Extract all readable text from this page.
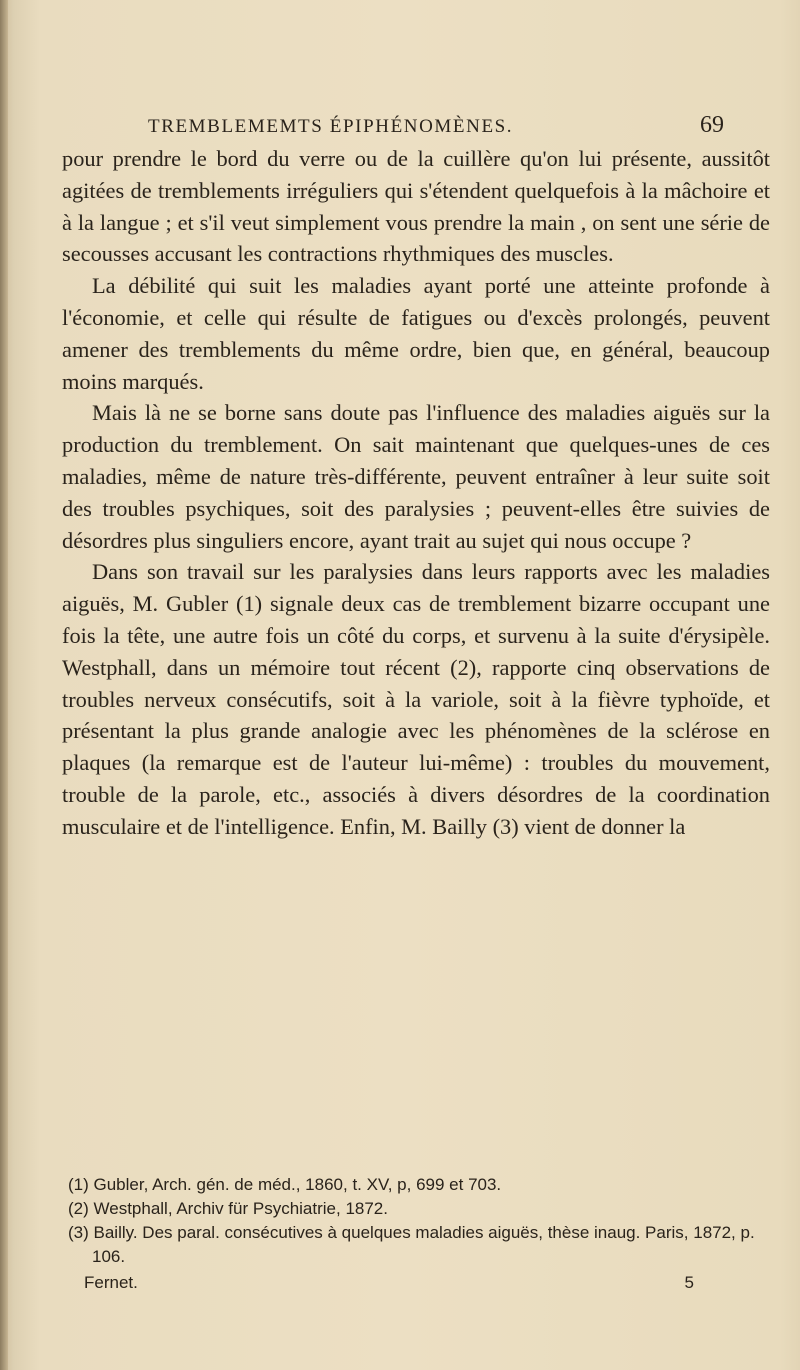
TREMBLEMEMTS ÉPIPHÉNOMÈNES.	69

pour prendre le bord du verre ou de la cuillère qu'on lui présente, aussitôt agitées de tremblements irréguliers qui s'étendent quelquefois à la mâchoire et à la langue ; et s'il veut simplement vous prendre la main , on sent une série de secousses accusant les contractions rhythmiques des muscles.

La débilité qui suit les maladies ayant porté une atteinte profonde à l'économie, et celle qui résulte de fatigues ou d'excès prolongés, peuvent amener des tremblements du même ordre, bien que, en général, beaucoup moins marqués.

Mais là ne se borne sans doute pas l'influence des maladies aiguës sur la production du tremblement. On sait maintenant que quelques-unes de ces maladies, même de nature très-différente, peuvent entraîner à leur suite soit des troubles psychiques, soit des paralysies ; peuvent-elles être suivies de désordres plus singuliers encore, ayant trait au sujet qui nous occupe ?

Dans son travail sur les paralysies dans leurs rapports avec les maladies aiguës, M. Gubler (1) signale deux cas de tremblement bizarre occupant une fois la tête, une autre fois un côté du corps, et survenu à la suite d'érysipèle. Westphall, dans un mémoire tout récent (2), rapporte cinq observations de troubles nerveux consécutifs, soit à la variole, soit à la fièvre typhoïde, et présentant la plus grande analogie avec les phénomènes de la sclérose en plaques (la remarque est de l'auteur lui-même) : troubles du mouvement, trouble de la parole, etc., associés à divers désordres de la coordination musculaire et de l'intelligence. Enfin, M. Bailly (3) vient de donner la

(1) Gubler, Arch. gén. de méd., 1860, t. XV, p, 699 et 703.

(2) Westphall, Archiv für Psychiatrie, 1872.

(3) Bailly. Des paral. consécutives à quelques maladies aiguës, thèse inaug. Paris, 1872, p. 106.

Fernet.	5
